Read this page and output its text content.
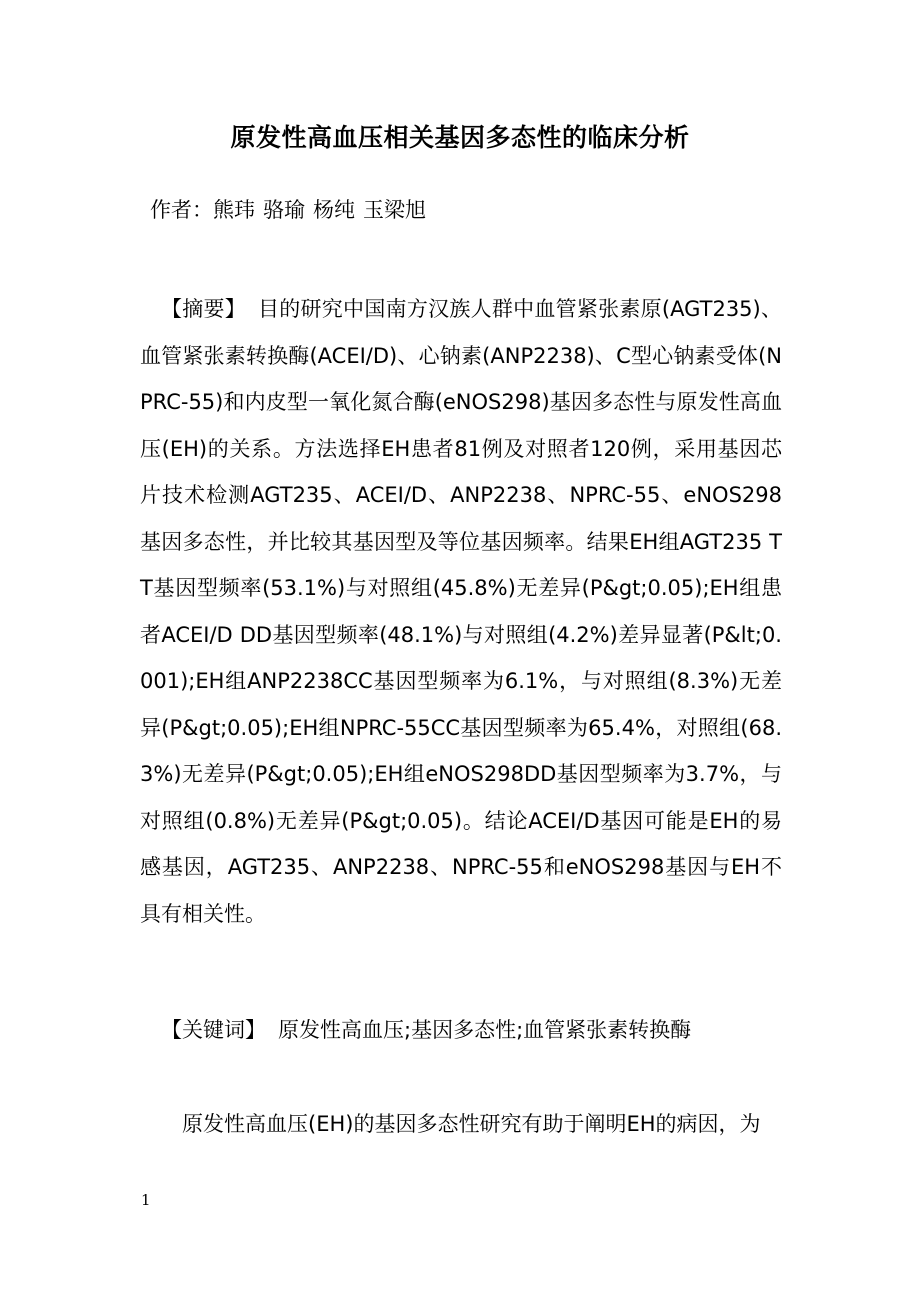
原发性高血压相关基因多态性的临床分析
作者：熊玮 骆瑜 杨纯 玉梁旭
【摘要】 目的研究中国南方汉族人群中血管紧张素原(AGT235)、血管紧张素转换酶(ACEI/D)、心钠素(ANP2238)、C型心钠素受体(NPRC-55)和内皮型一氧化氮合酶(eNOS298)基因多态性与原发性高血压(EH)的关系。方法选择EH患者81例及对照者120例，采用基因芯片技术检测AGT235、ACEI/D、ANP2238、NPRC-55、eNOS298基因多态性，并比较其基因型及等位基因频率。结果EH组AGT235 TT基因型频率(53.1%)与对照组(45.8%)无差异(P&gt;0.05);EH组患者ACEI/D DD基因型频率(48.1%)与对照组(4.2%)差异显著(P&lt;0.001);EH组ANP2238CC基因型频率为6.1%，与对照组(8.3%)无差异(P&gt;0.05);EH组NPRC-55CC基因型频率为65.4%，对照组(68.3%)无差异(P&gt;0.05);EH组eNOS298DD基因型频率为3.7%，与对照组(0.8%)无差异(P&gt;0.05)。结论ACEI/D基因可能是EH的易感基因，AGT235、ANP2238、NPRC-55和eNOS298基因与EH不具有相关性。
【关键词】 原发性高血压;基因多态性;血管紧张素转换酶
原发性高血压(EH)的基因多态性研究有助于阐明EH的病因，为
1
